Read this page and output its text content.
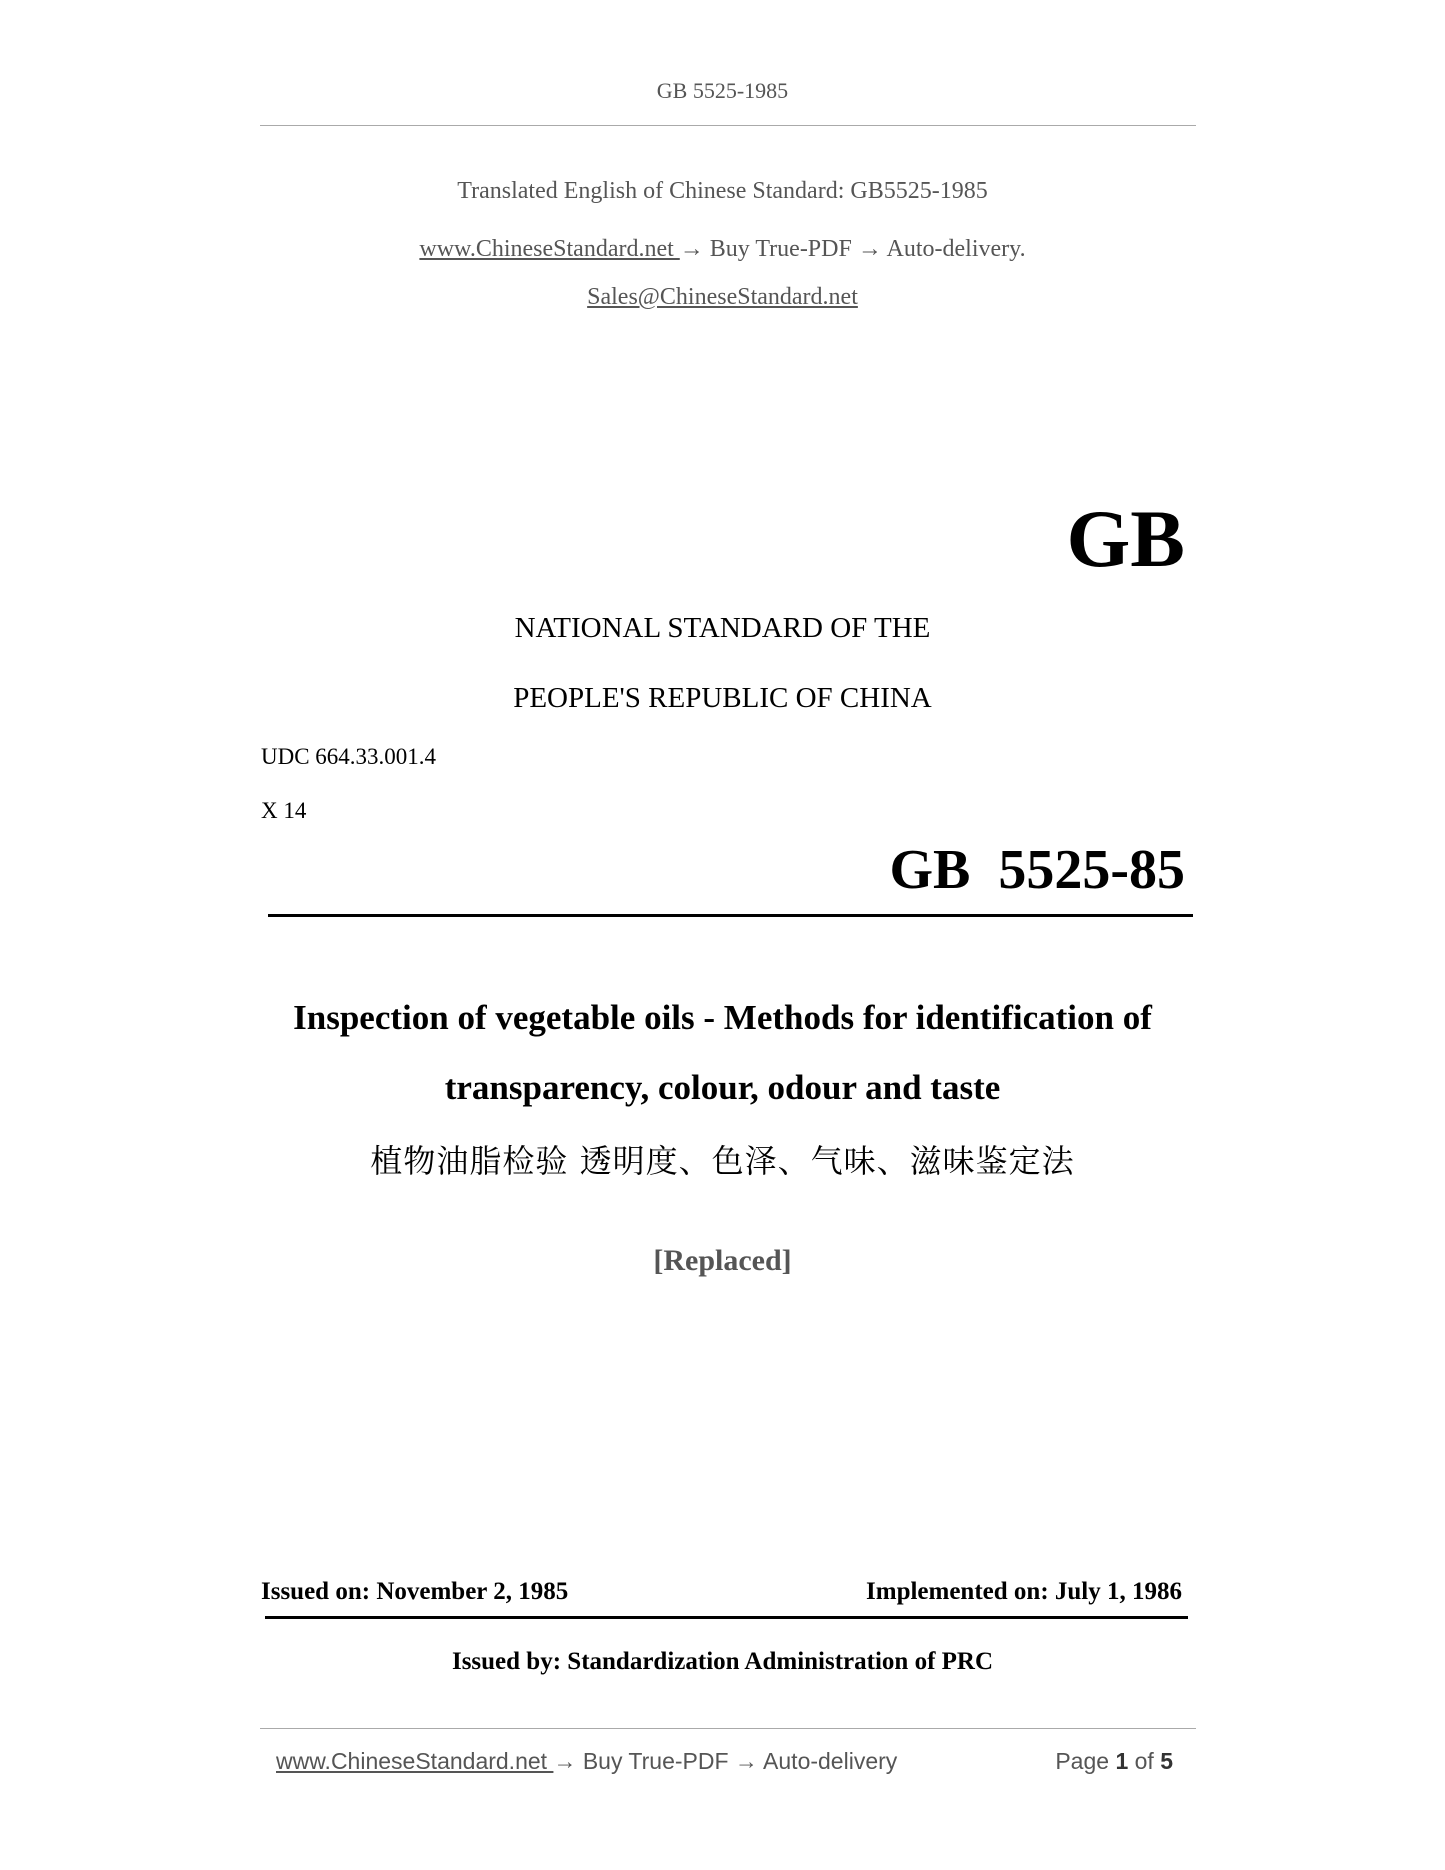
GB 5525-1985
Translated English of Chinese Standard: GB5525-1985
www.ChineseStandard.net → Buy True-PDF → Auto-delivery.
Sales@ChineseStandard.net
GB
NATIONAL STANDARD OF THE
PEOPLE'S REPUBLIC OF CHINA
UDC 664.33.001.4
X 14
GB  5525-85
Inspection of vegetable oils - Methods for identification of
transparency, colour, odour and taste
植物油脂检验 透明度、色泽、气味、滋味鉴定法
[Replaced]
Issued on: November 2, 1985	Implemented on: July 1, 1986
Issued by: Standardization Administration of PRC
www.ChineseStandard.net → Buy True-PDF → Auto-delivery	Page 1 of 5
